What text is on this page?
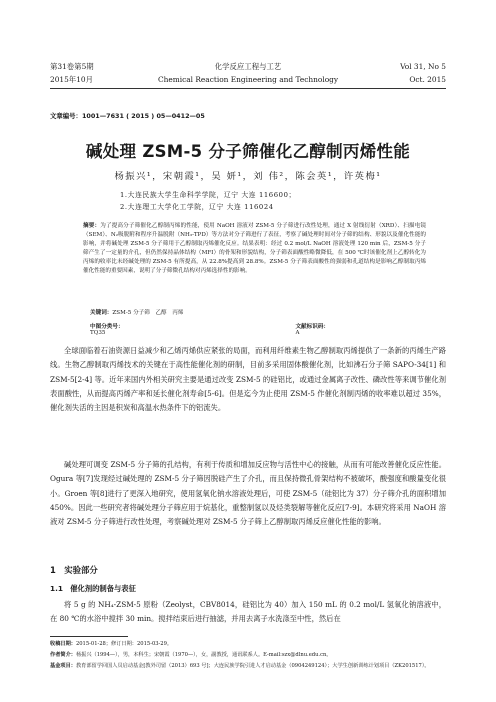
第31卷第5期	化学反应工程与工艺	Vol 31, No 5
2015年10月	Chemical Reaction Engineering and Technology	Oct. 2015
文章编号：1001—7631 ( 2015 ) 05—0412—05
碱处理 ZSM-5 分子筛催化乙醇制丙烯性能
杨振兴¹，宋朝霞¹，吴 妍¹，刘 伟²，陈会英¹，许英梅¹
1.大连民族大学生命科学学院，辽宁 大连 116600；
2.大连理工大学化工学院，辽宁 大连 116024
摘要：为了提高分子筛催化乙醇制丙烯的性能，使用 NaOH 溶液对 ZSM-5 分子筛进行改性处理，通过 X 射线衍射（XRD）、扫描电镜（SEM）、N₂吸脱附和程序升温脱附（NH₃-TPD）等方法对分子筛进行了表征，考察了碱处理时间对分子筛的结构、形貌以及催化性能的影响，并将碱处理 ZSM-5 分子筛用于乙醇制取丙烯催化反应。结果表明：经过 0.2 mol/L NaOH 溶液处理 120 min 后，ZSM-5 分子筛产生了一定量的介孔，但仍然保持晶体结构（MFI）的骨架和形貌结构，分子筛表面酸性略微降低，在 500 ℃时该催化剂上乙醇转化为丙烯的收率比未经碱处理的 ZSM-5 有所提高，从 22.8%提高到 28.8%。ZSM-5 分子筛表面酸性的强弱和孔道结构是影响乙醇制取丙烯催化性能的重要因素，说明了分子筛微孔结构对丙烯选择性的影响。
关键词：ZSM-5 分子筛　乙醇　丙烯
中图分类号：TQ35
文献标识码：A
全球面临着石油资源日益减少和乙烯丙烯供应紧张的局面，而利用纤维素生物乙醇制取丙烯提供了一条新的丙烯生产路线。生物乙醇制取丙烯技术的关键在于高性能催化剂的研制，目前多采用固体酸催化剂，比如沸石分子筛 SAPO-34[1] 和 ZSM-5[2-4] 等。近年来国内外相关研究主要是通过改变 ZSM-5 的硅铝比，或通过金属离子改性、磷改性等来调节催化剂表面酸性，从而提高丙烯产率和延长催化剂寿命[5-6]。但是迄今为止使用 ZSM-5 作催化剂制丙烯的收率难以超过 35%，催化剂失活的主因是积炭和高温水热条件下的铝流失。
碱处理可调变 ZSM-5 分子筛的孔结构，有利于传质和增加反应物与活性中心的接触，从而有可能改善催化反应性能。Ogura 等[7]发现经过碱处理的 ZSM-5 分子筛因脱硅产生了介孔，而且保持微孔骨架结构不被破坏，酸强度和酸量变化很小。Groen 等[8]进行了更深入地研究，使用氢氧化钠水溶液处理后，可使 ZSM-5（硅铝比为 37）分子筛介孔的面积增加 450%。因此一些研究者将碱处理分子筛应用于烷基化，重整制氢以及烃类裂解等催化反应[7-9]。本研究将采用 NaOH 溶液对 ZSM-5 分子筛进行改性处理，考察碱处理对 ZSM-5 分子筛上乙醇制取丙烯反应催化性能的影响。
1　实验部分
1.1　催化剂的制备与表征
将 5 g 的 NH₄-ZSM-5 原粉（Zeolyst，CBV8014，硅铝比为 40）加入 150 mL 的 0.2 mol/L 氢氧化钠溶液中，在 80 ℃的水浴中搅拌 30 min。搅拌结束后进行抽滤，并用去离子水洗涤至中性，然后在
收稿日期：2015-01-28；修订日期：2015-03-29。
作者简介：杨振兴（1994—），男，本科生；宋朝霞（1970—），女，副教授，通讯联系人。E-mail:szx@dlnu.edu.cn。
基金项目：教育部留学回国人员启动基金[教外司留（2013）693 号]；大连民族学院引进人才启动基金（0904249124）；大学生创新训练计划项目（ZK201517）。
